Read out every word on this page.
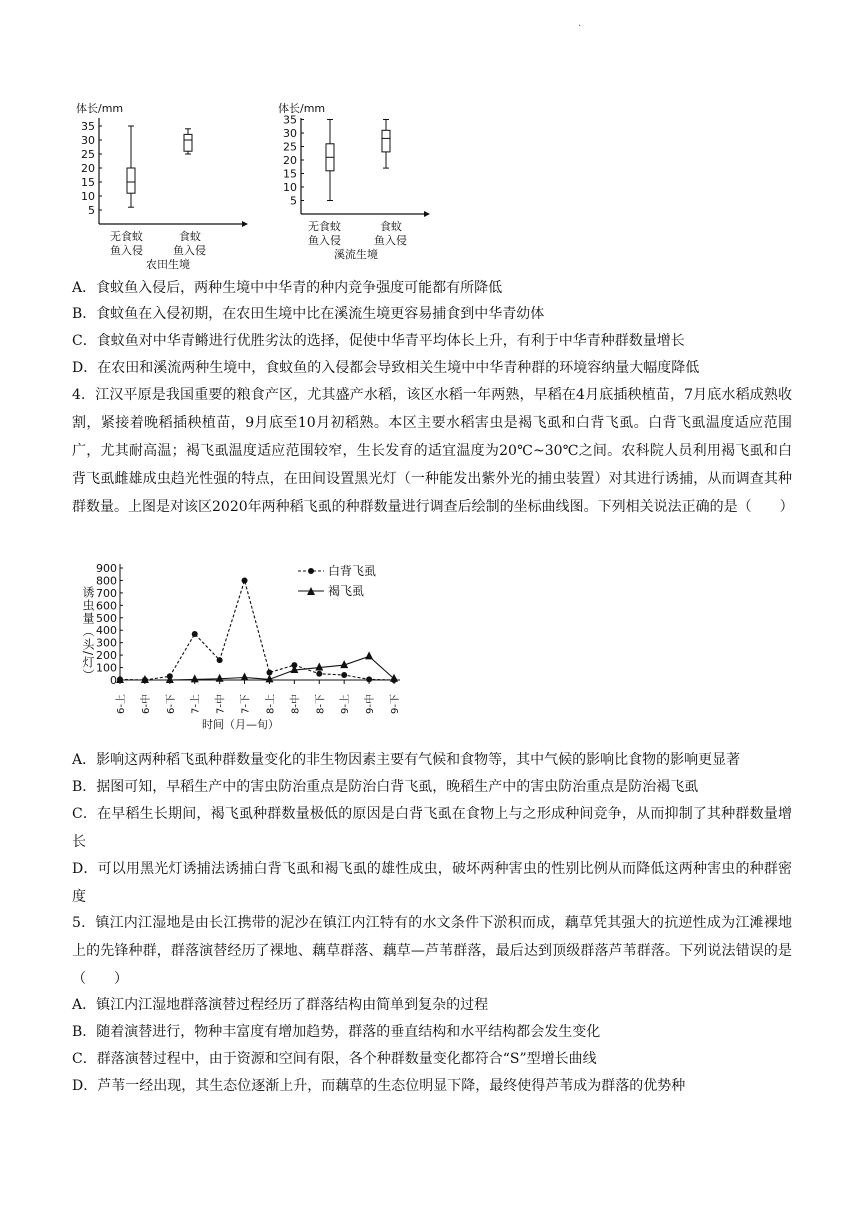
.
体长/mm
35
30
25
20
15
10
5
无食蚊
鱼入侵
食蚊
鱼入侵
农田生境
体长/mm
35
30
25
20
15
10
5
无食蚊
鱼入侵
食蚊
鱼入侵
溪流生境
A．食蚊鱼入侵后，两种生境中中华青的种内竞争强度可能都有所降低
B．食蚊鱼在入侵初期，在农田生境中比在溪流生境更容易捕食到中华青幼体
C．食蚊鱼对中华青鳉进行优胜劣汰的选择，促使中华青平均体长上升，有利于中华青种群数量增长
D．在农田和溪流两种生境中，食蚊鱼的入侵都会导致相关生境中中华青种群的环境容纳量大幅度降低
4．江汉平原是我国重要的粮食产区，尤其盛产水稻，该区水稻一年两熟，早稻在4月底插秧植苗，7月底水稻成熟收割，紧接着晚稻插秧植苗，9月底至10月初稻熟。本区主要水稻害虫是褐飞虱和白背飞虱。白背飞虱温度适应范围广，尤其耐高温；褐飞虱温度适应范围较窄，生长发育的适宜温度为20℃~30℃之间。农科院人员利用褐飞虱和白背飞虱雌雄成虫趋光性强的特点，在田间设置黑光灯（一种能发出紫外光的捕虫装置）对其进行诱捕，从而调查其种群数量。上图是对该区2020年两种稻飞虱的种群数量进行调查后绘制的坐标曲线图。下列相关说法正确的是（　　）
900
800
700
600
500
400
300
200
100
0
6-上 6-中 6-下 7-上 7-中 7-下 8-上 8-中 8-下 9-上 9-中 9-下
诱虫量（头/灯）
时间（月—旬）
白背飞虱
褐飞虱
A．影响这两种稻飞虱种群数量变化的非生物因素主要有气候和食物等，其中气候的影响比食物的影响更显著
B．据图可知，早稻生产中的害虫防治重点是防治白背飞虱，晚稻生产中的害虫防治重点是防治褐飞虱
C．在早稻生长期间，褐飞虱种群数量极低的原因是白背飞虱在食物上与之形成种间竞争，从而抑制了其种群数量增长
D．可以用黑光灯诱捕法诱捕白背飞虱和褐飞虱的雄性成虫，破坏两种害虫的性别比例从而降低这两种害虫的种群密度
5．镇江内江湿地是由长江携带的泥沙在镇江内江特有的水文条件下淤积而成，藕草凭其强大的抗逆性成为江滩裸地上的先锋种群，群落演替经历了裸地、藕草群落、藕草—芦苇群落，最后达到顶级群落芦苇群落。下列说法错误的是（　　）
A．镇江内江湿地群落演替过程经历了群落结构由简单到复杂的过程
B．随着演替进行，物种丰富度有增加趋势，群落的垂直结构和水平结构都会发生变化
C．群落演替过程中，由于资源和空间有限，各个种群数量变化都符合“S”型增长曲线
D．芦苇一经出现，其生态位逐渐上升，而藕草的生态位明显下降，最终使得芦苇成为群落的优势种
